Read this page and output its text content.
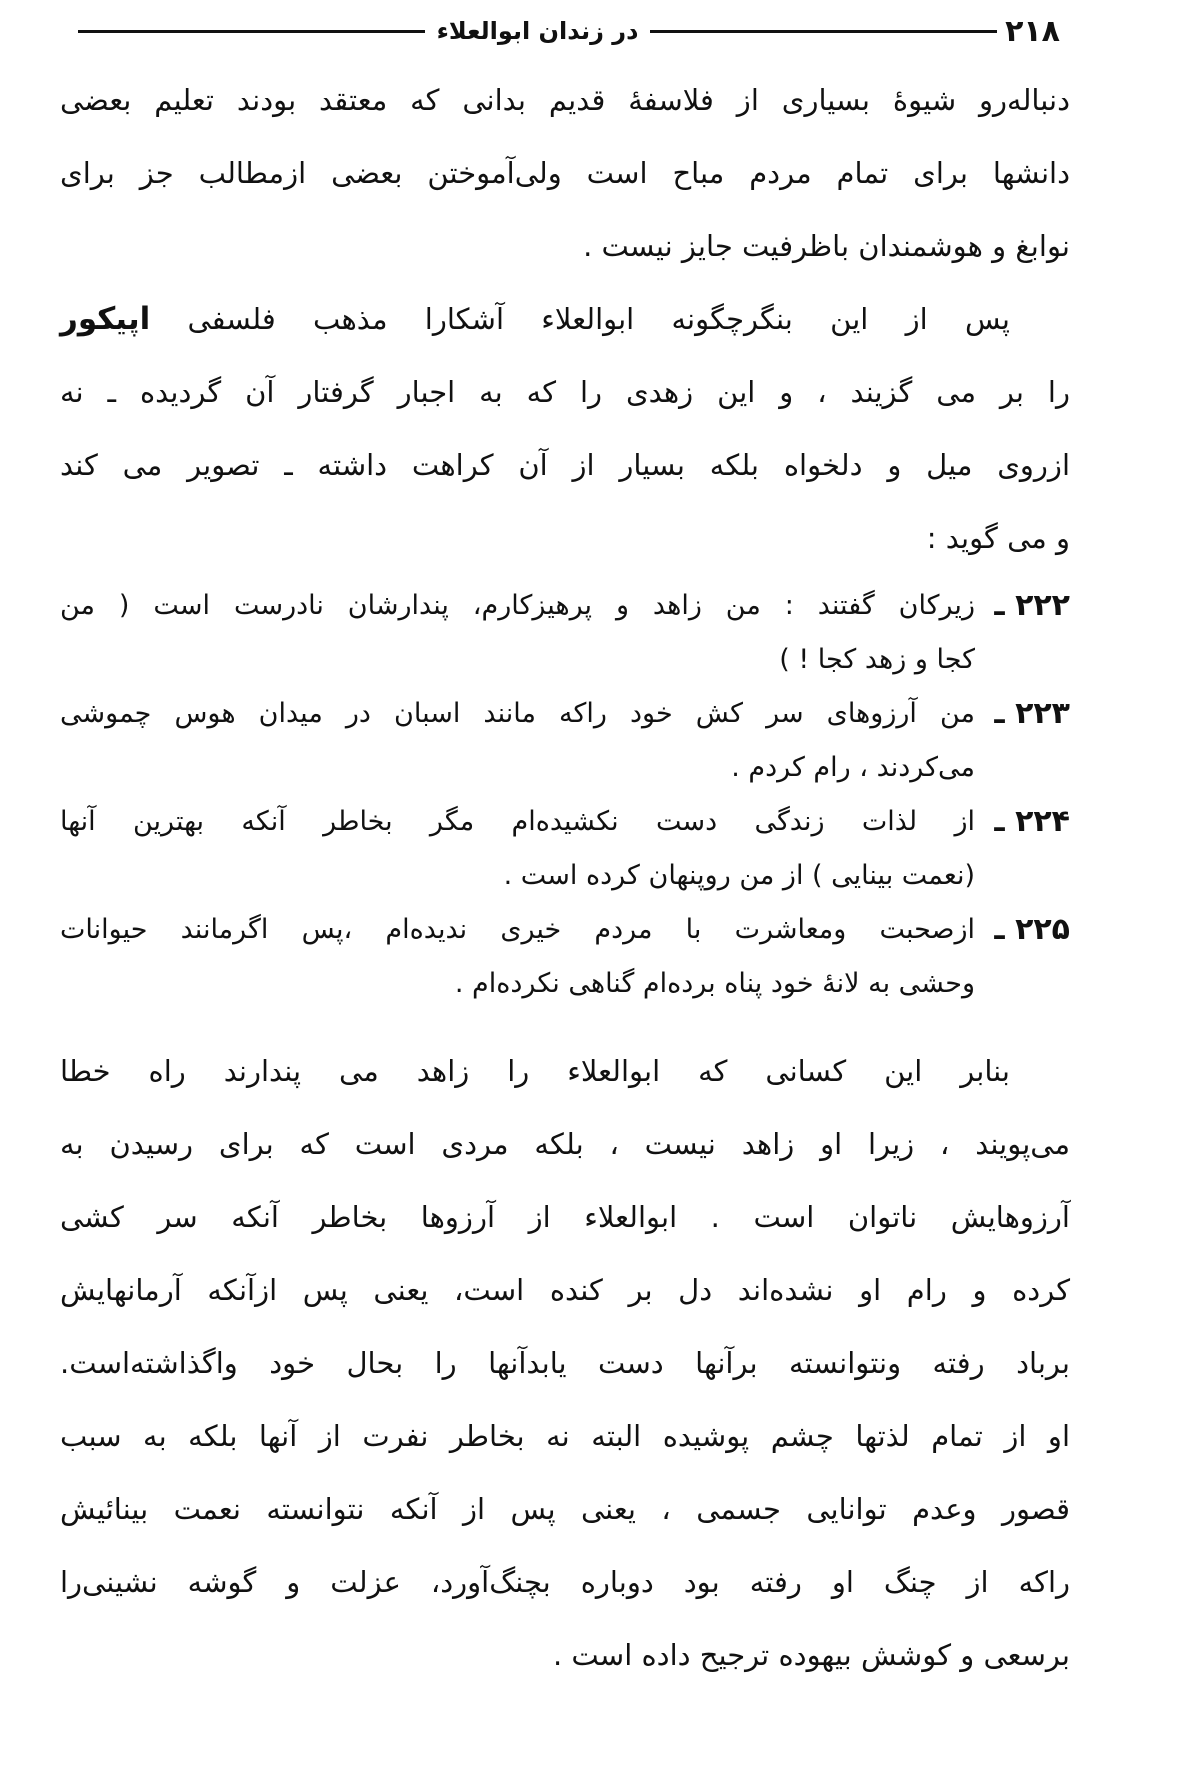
۲۱۸
در زندان ابوالعلاء
دنباله‌رو شیوهٔ بسیاری از فلاسفهٔ قدیم بدانی که معتقد بودند تعلیم بعضی
دانشها برای تمام مردم مباح است ولی‌آموختن بعضی ازمطالب جز برای
نوابغ و هوشمندان باظرفیت جایز نیست .
پس از این بنگرچگونه ابوالعلاء آشکارا مذهب فلسفی اپیکور
را بر می گزیند ، و این زهدی را که به اجبار گرفتار آن گردیده ـ نه
ازروی میل و دلخواه بلکه بسیار از آن کراهت داشته ـ تصویر می کند
و می گوید :
۲۲۲ ـ
زیرکان گفتند : من زاهد و پرهیزکارم، پندارشان نادرست است ( من
کجا و زهد کجا ! )
۲۲۳ ـ
من آرزوهای سر کش خود راکه مانند اسبان در میدان هوس چموشی
می‌کردند ، رام کردم .
۲۲۴ ـ
از لذات زندگی دست نکشیده‌ام مگر بخاطر آنکه بهترین آنها
(نعمت بینایی ) از من روپنهان کرده است .
۲۲۵ ـ
ازصحبت ومعاشرت با مردم خیری ندیده‌ام ،پس اگرمانند حیوانات
وحشی به لانهٔ خود پناه برده‌ام گناهی نکرده‌ام .
بنابر این کسانی که ابوالعلاء را زاهد می پندارند راه خطا
می‌پویند ، زیرا او زاهد نیست ، بلکه مردی است که برای رسیدن به
آرزوهایش ناتوان است . ابوالعلاء از آرزوها بخاطر آنکه سر کشی
کرده و رام او نشده‌اند دل بر کنده است، یعنی پس ازآنکه آرمانهایش
برباد رفته ونتوانسته برآنها دست یابدآنها را بحال خود واگذاشته‌است.
او از تمام لذتها چشم پوشیده البته نه بخاطر نفرت از آنها بلکه به سبب
قصور وعدم توانایی جسمی ، یعنی پس از آنکه نتوانسته نعمت بینائیش
راکه از چنگ او رفته بود دوباره بچنگ‌آورد، عزلت و گوشه نشینی‌را
برسعی و کوشش بیهوده ترجیح داده است .
